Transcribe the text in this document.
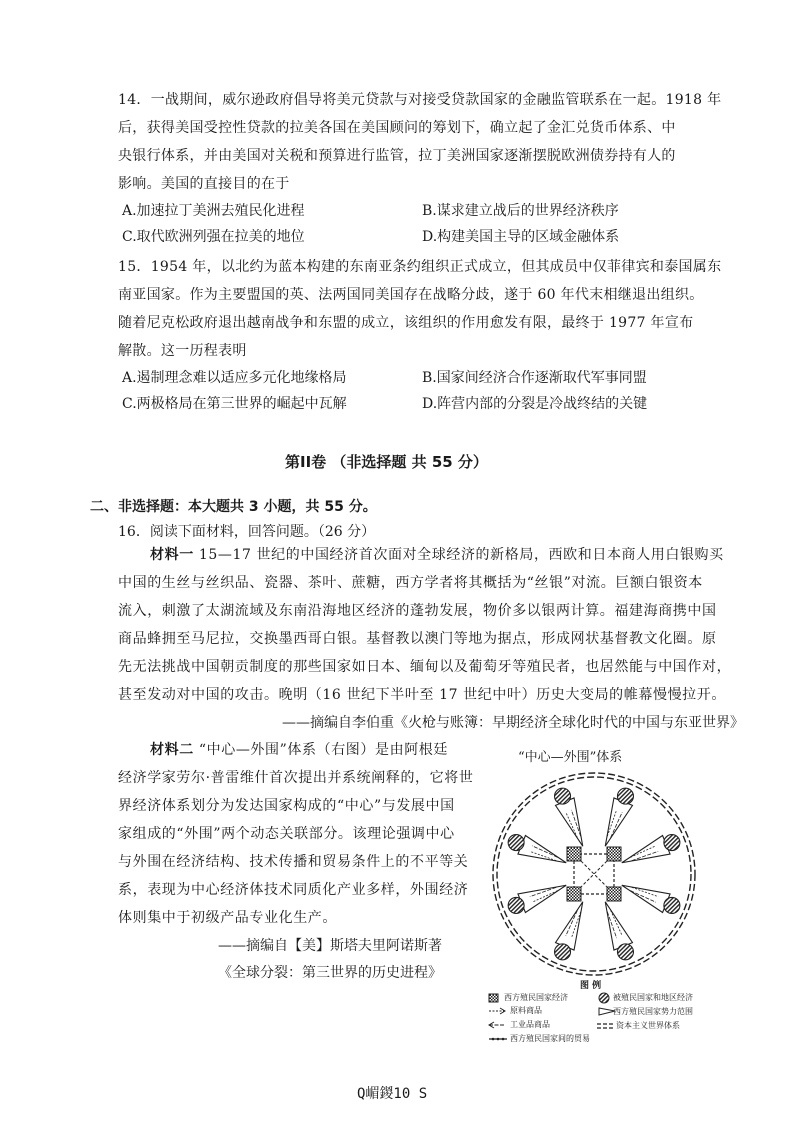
14．一战期间，威尔逊政府倡导将美元贷款与对接受贷款国家的金融监管联系在一起。1918 年
后，获得美国受控性贷款的拉美各国在美国顾问的筹划下，确立起了金汇兑货币体系、中
央银行体系，并由美国对关税和预算进行监管，拉丁美洲国家逐渐摆脱欧洲债券持有人的
影响。美国的直接目的在于
A.加速拉丁美洲去殖民化进程	B.谋求建立战后的世界经济秩序
C.取代欧洲列强在拉美的地位	D.构建美国主导的区域金融体系
15．1954 年，以北约为蓝本构建的东南亚条约组织正式成立，但其成员中仅菲律宾和泰国属东
南亚国家。作为主要盟国的英、法两国同美国存在战略分歧，遂于 60 年代末相继退出组织。
随着尼克松政府退出越南战争和东盟的成立，该组织的作用愈发有限，最终于 1977 年宣布
解散。这一历程表明
A.遏制理念难以适应多元化地缘格局	B.国家间经济合作逐渐取代军事同盟
C.两极格局在第三世界的崛起中瓦解	D.阵营内部的分裂是冷战终结的关键
第II卷 （非选择题 共 55 分）
二、非选择题：本大题共 3 小题，共 55 分。
16．阅读下面材料，回答问题。（26 分）
材料一 15—17 世纪的中国经济首次面对全球经济的新格局，西欧和日本商人用白银购买
中国的生丝与丝织品、瓷器、茶叶、蔗糖，西方学者将其概括为“丝银”对流。巨额白银资本
流入，刺激了太湖流域及东南沿海地区经济的蓬勃发展，物价多以银两计算。福建海商携中国
商品蜂拥至马尼拉，交换墨西哥白银。基督教以澳门等地为据点，形成网状基督教文化圈。原
先无法挑战中国朝贡制度的那些国家如日本、缅甸以及葡萄牙等殖民者，也居然能与中国作对，
甚至发动对中国的攻击。晚明（16 世纪下半叶至 17 世纪中叶）历史大变局的帷幕慢慢拉开。
——摘编自李伯重《火枪与账簿：早期经济全球化时代的中国与东亚世界》
材料二 “中心—外围”体系（右图）是由阿根廷
经济学家劳尔·普雷维什首次提出并系统阐释的，它将世
界经济体系划分为发达国家构成的“中心”与发展中国
家组成的“外围”两个动态关联部分。该理论强调中心
与外围在经济结构、技术传播和贸易条件上的不平等关
系，表现为中心经济体技术同质化产业多样，外围经济
体则集中于初级产品专业化生产。
——摘编自【美】斯塔夫里阿诺斯著
《全球分裂：第三世界的历史进程》
“中心—外围”体系
图 例
西方殖民国家经济	被殖民国家和地区经济
原料商品	西方殖民国家势力范围
工业品商品	资本主义世界体系
西方殖民国家间的贸易
Q嵋鍐10 S
